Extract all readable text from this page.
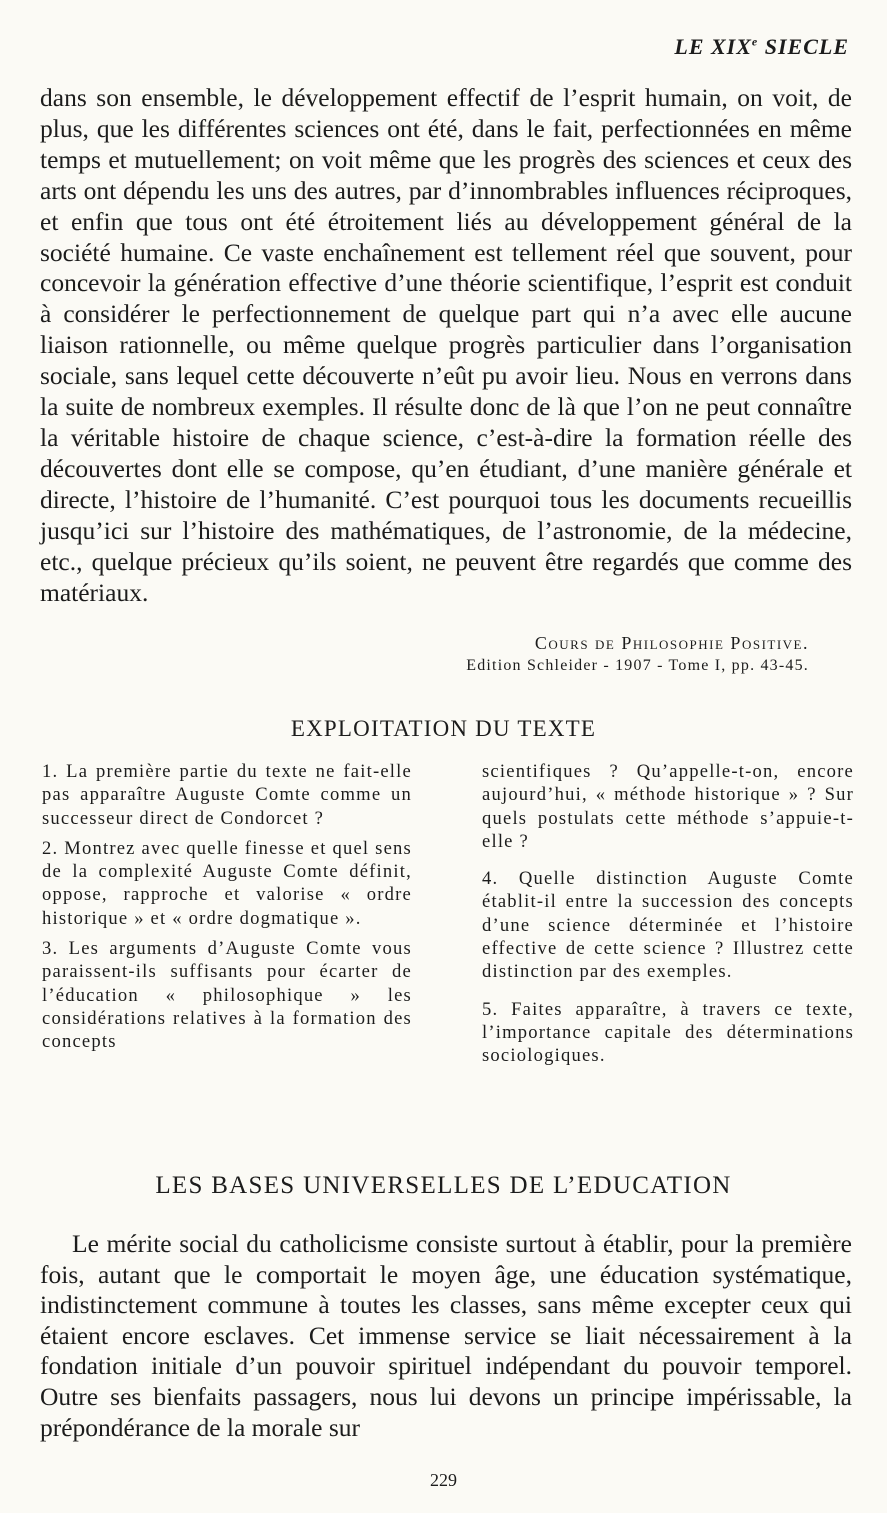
LE XIXe SIECLE
dans son ensemble, le développement effectif de l’esprit humain, on voit, de plus, que les différentes sciences ont été, dans le fait, perfectionnées en même temps et mutuellement; on voit même que les progrès des sciences et ceux des arts ont dépendu les uns des autres, par d’innombrables influences réciproques, et enfin que tous ont été étroitement liés au développement général de la société humaine. Ce vaste enchaînement est tellement réel que souvent, pour concevoir la génération effective d’une théorie scientifique, l’esprit est conduit à considérer le perfectionnement de quelque part qui n’a avec elle aucune liaison rationnelle, ou même quelque progrès particulier dans l’organisation sociale, sans lequel cette découverte n’eût pu avoir lieu. Nous en verrons dans la suite de nombreux exemples. Il résulte donc de là que l’on ne peut connaître la véritable histoire de chaque science, c’est-à-dire la formation réelle des découvertes dont elle se compose, qu’en étudiant, d’une manière générale et directe, l’histoire de l’humanité. C’est pourquoi tous les documents recueillis jusqu’ici sur l’histoire des mathématiques, de l’astronomie, de la médecine, etc., quelque précieux qu’ils soient, ne peuvent être regardés que comme des matériaux.
Cours de Philosophie Positive.
Edition Schleider - 1907 - Tome I, pp. 43-45.
EXPLOITATION DU TEXTE

1. La première partie du texte ne fait-elle pas apparaître Auguste Comte comme un successeur direct de Condorcet ?

2. Montrez avec quelle finesse et quel sens de la complexité Auguste Comte définit, oppose, rapproche et valorise « ordre historique » et « ordre dogmatique ».

3. Les arguments d’Auguste Comte vous paraissent-ils suffisants pour écarter de l’éducation « philosophique » les considérations relatives à la formation des concepts

scientifiques ? Qu’appelle-t-on, encore aujourd’hui, « méthode historique » ? Sur quels postulats cette méthode s’appuie-t-elle ?

4. Quelle distinction Auguste Comte établit-il entre la succession des concepts d’une science déterminée et l’histoire effective de cette science ? Illustrez cette distinction par des exemples.

5. Faites apparaître, à travers ce texte, l’importance capitale des déterminations sociologiques.

LES BASES UNIVERSELLES DE L’EDUCATION
Le mérite social du catholicisme consiste surtout à établir, pour la première fois, autant que le comportait le moyen âge, une éducation systématique, indistinctement commune à toutes les classes, sans même excepter ceux qui étaient encore esclaves. Cet immense service se liait nécessairement à la fondation initiale d’un pouvoir spirituel indépendant du pouvoir temporel. Outre ses bienfaits passagers, nous lui devons un principe impérissable, la prépondérance de la morale sur
229
